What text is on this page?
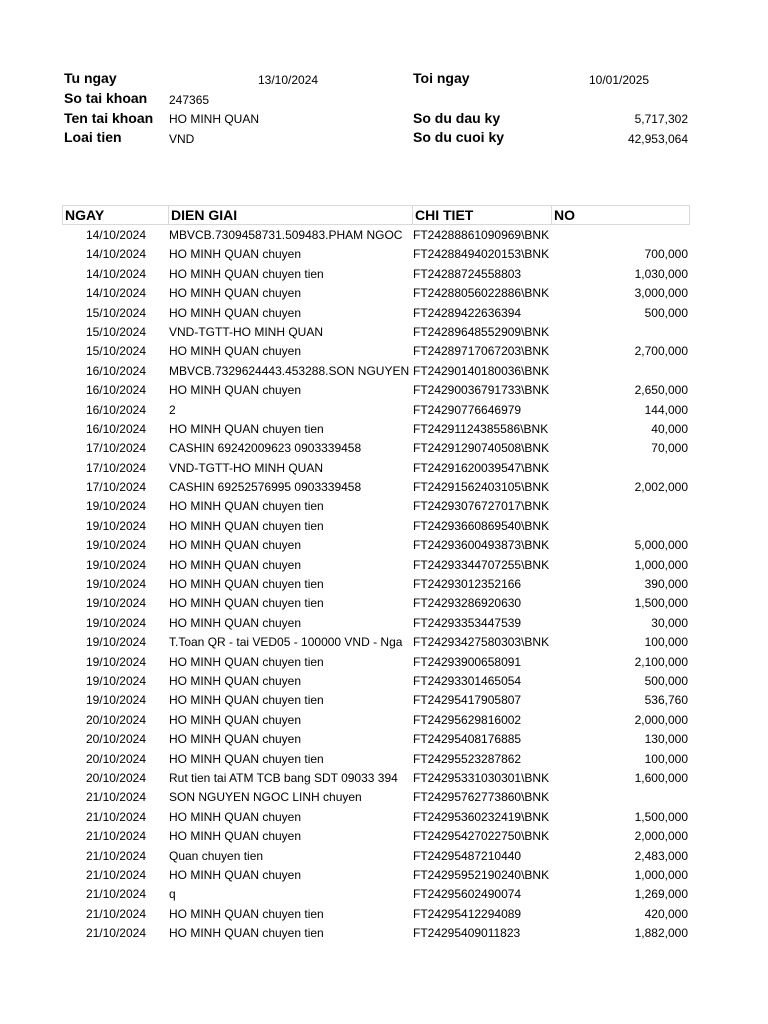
Tu ngay	13/10/2024	Toi ngay	10/01/2025
So tai khoan 247365
Ten tai khoan HO MINH QUAN	So du dau ky	5,717,302
Loai tien	VND	So du cuoi ky	42,953,064
NGAY	DIEN GIAI	CHI TIET	NO
14/10/2024 MBVCB.7309458731.509483.PHAM NGOC FT24288861090969\BNK
14/10/2024 HO MINH QUAN chuyen	FT24288494020153\BNK	700,000
14/10/2024 HO MINH QUAN chuyen tien	FT24288724558803	1,030,000
14/10/2024 HO MINH QUAN chuyen	FT24288056022886\BNK	3,000,000
15/10/2024 HO MINH QUAN chuyen	FT24289422636394	500,000
15/10/2024 VND-TGTT-HO MINH QUAN	FT24289648552909\BNK
15/10/2024 HO MINH QUAN chuyen	FT24289717067203\BNK	2,700,000
16/10/2024 MBVCB.7329624443.453288.SON NGUYEN FT24290140180036\BNK
16/10/2024 HO MINH QUAN chuyen	FT24290036791733\BNK	2,650,000
16/10/2024 2	FT24290776646979	144,000
16/10/2024 HO MINH QUAN chuyen tien	FT24291124385586\BNK	40,000
17/10/2024 CASHIN 69242009623 0903339458	FT24291290740508\BNK	70,000
17/10/2024 VND-TGTT-HO MINH QUAN	FT24291620039547\BNK
17/10/2024 CASHIN 69252576995 0903339458	FT24291562403105\BNK	2,002,000
19/10/2024 HO MINH QUAN chuyen tien	FT24293076727017\BNK
19/10/2024 HO MINH QUAN chuyen tien	FT24293660869540\BNK
19/10/2024 HO MINH QUAN chuyen	FT24293600493873\BNK	5,000,000
19/10/2024 HO MINH QUAN chuyen	FT24293344707255\BNK	1,000,000
19/10/2024 HO MINH QUAN chuyen tien	FT24293012352166	390,000
19/10/2024 HO MINH QUAN chuyen tien	FT24293286920630	1,500,000
19/10/2024 HO MINH QUAN chuyen	FT24293353447539	30,000
19/10/2024 T.Toan QR - tai VED05 - 100000 VND - Nga FT24293427580303\BNK	100,000
19/10/2024 HO MINH QUAN chuyen tien	FT24293900658091	2,100,000
19/10/2024 HO MINH QUAN chuyen	FT24293301465054	500,000
19/10/2024 HO MINH QUAN chuyen tien	FT24295417905807	536,760
20/10/2024 HO MINH QUAN chuyen	FT24295629816002	2,000,000
20/10/2024 HO MINH QUAN chuyen	FT24295408176885	130,000
20/10/2024 HO MINH QUAN chuyen tien	FT24295523287862	100,000
20/10/2024 Rut tien tai ATM TCB bang SDT 09033 394	FT24295331030301\BNK	1,600,000
21/10/2024 SON NGUYEN NGOC LINH chuyen	FT24295762773860\BNK
21/10/2024 HO MINH QUAN chuyen	FT24295360232419\BNK	1,500,000
21/10/2024 HO MINH QUAN chuyen	FT24295427022750\BNK	2,000,000
21/10/2024 Quan chuyen tien	FT24295487210440	2,483,000
21/10/2024 HO MINH QUAN chuyen	FT24295952190240\BNK	1,000,000
21/10/2024 q	FT24295602490074	1,269,000
21/10/2024 HO MINH QUAN chuyen tien	FT24295412294089	420,000
21/10/2024 HO MINH QUAN chuyen tien	FT24295409011823	1,882,000
